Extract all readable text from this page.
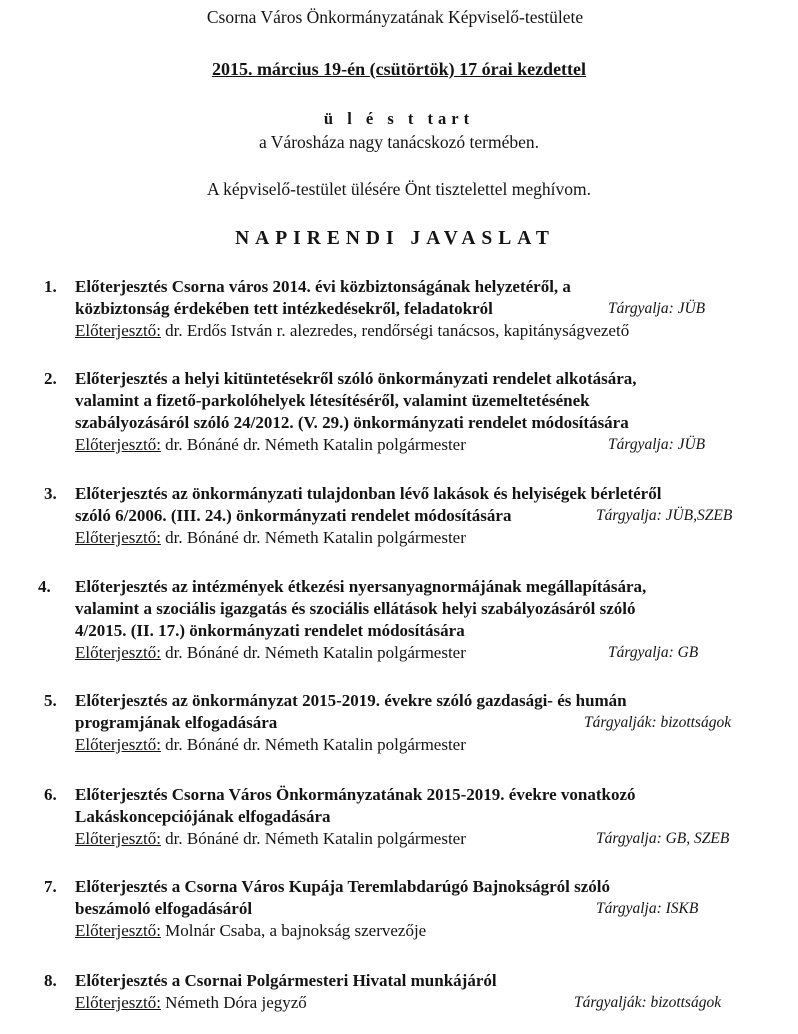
Csorna Város Önkormányzatának Képviselő-testülete
2015. március 19-én (csütörtök) 17 órai kezdettel
ü l é s t tart
a Városháza nagy tanácskozó termében.
A képviselő-testület ülésére Önt tisztelettel meghívom.
NAPIRENDI JAVASLAT
1. Előterjesztés Csorna város 2014. évi közbiztonságának helyzetéről, a
közbiztonság érdekében tett intézkedésekről, feladatokról	Tárgyalja: JÜB
Előterjesztő: dr. Erdős István r. alezredes, rendőrségi tanácsos, kapitányságvezető
2. Előterjesztés a helyi kitüntetésekről szóló önkormányzati rendelet alkotására,
valamint a fizető-parkolóhelyek létesítéséről, valamint üzemeltetésének
szabályozásáról szóló 24/2012. (V. 29.) önkormányzati rendelet módosítására
Előterjesztő: dr. Bónáné dr. Németh Katalin polgármester	Tárgyalja: JÜB
3. Előterjesztés az önkormányzati tulajdonban lévő lakások és helyiségek bérletéről
szóló 6/2006. (III. 24.) önkormányzati rendelet módosítására	Tárgyalja: JÜB,SZEB
Előterjesztő: dr. Bónáné dr. Németh Katalin polgármester
4. Előterjesztés az intézmények étkezési nyersanyagnormájának megállapítására,
valamint a szociális igazgatás és szociális ellátások helyi szabályozásáról szóló
4/2015. (II. 17.) önkormányzati rendelet módosítására
Előterjesztő: dr. Bónáné dr. Németh Katalin polgármester	Tárgyalja: GB
5. Előterjesztés az önkormányzat 2015-2019. évekre szóló gazdasági- és humán
programjának elfogadására	Tárgyalják: bizottságok
Előterjesztő: dr. Bónáné dr. Németh Katalin polgármester
6. Előterjesztés Csorna Város Önkormányzatának 2015-2019. évekre vonatkozó
Lakáskoncepciójának elfogadására
Előterjesztő: dr. Bónáné dr. Németh Katalin polgármester	Tárgyalja: GB, SZEB
7. Előterjesztés a Csorna Város Kupája Teremlabdarúgó Bajnokságról szóló
beszámoló elfogadásáról	Tárgyalja: ISKB
Előterjesztő: Molnár Csaba, a bajnokság szervezője
8. Előterjesztés a Csornai Polgármesteri Hivatal munkájáról
Előterjesztő: Németh Dóra jegyző	Tárgyalják: bizottságok
